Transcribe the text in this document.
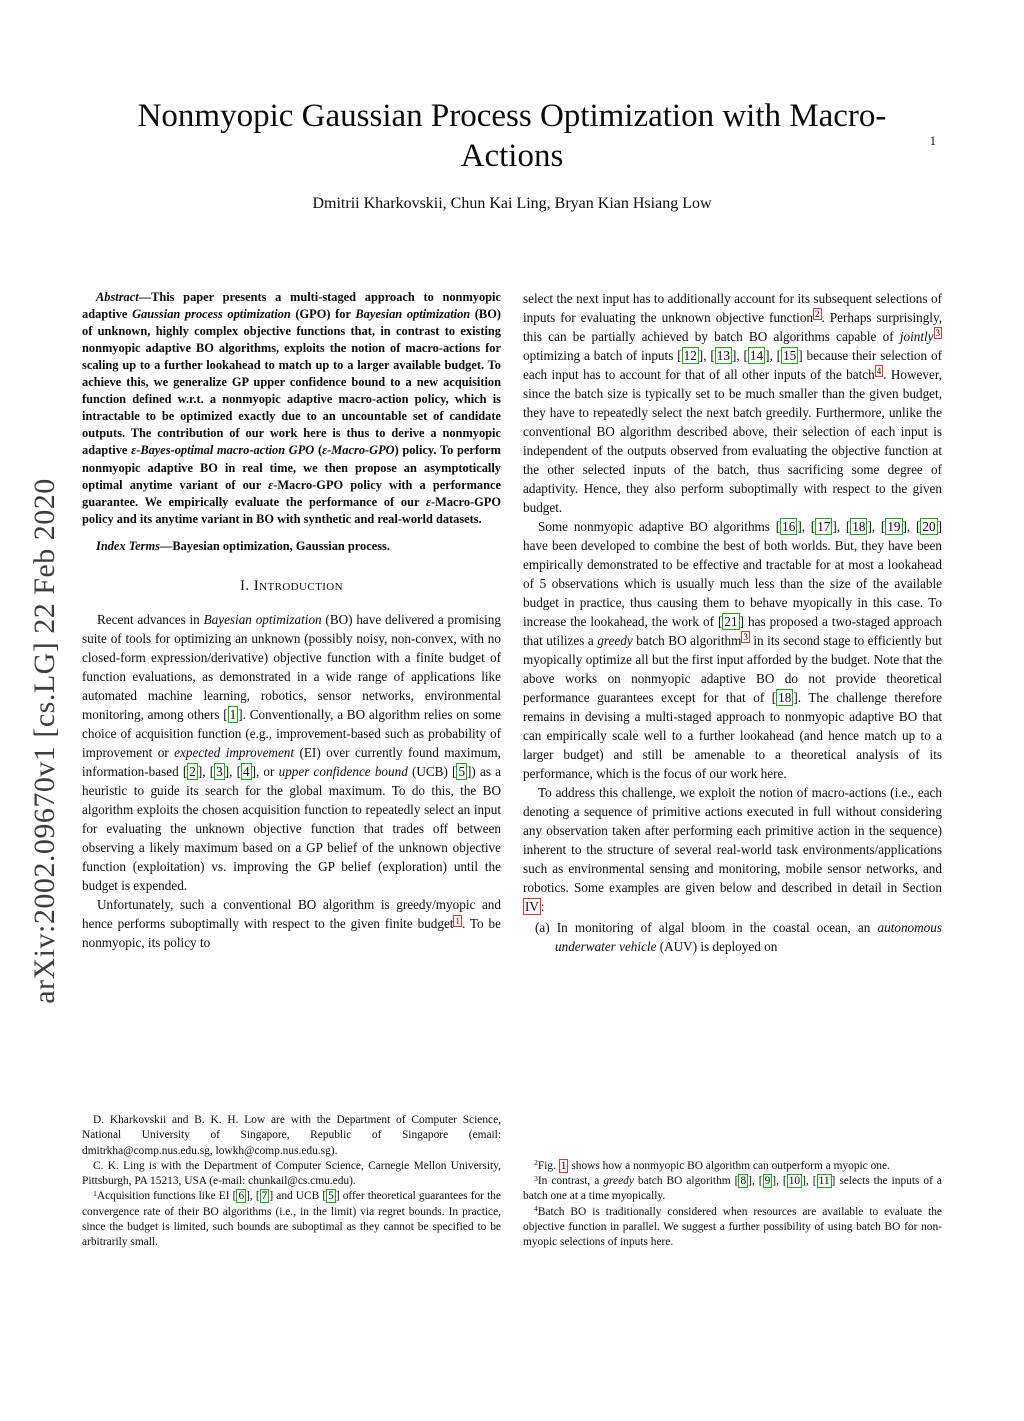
1
arXiv:2002.09670v1 [cs.LG] 22 Feb 2020
Nonmyopic Gaussian Process Optimization with Macro-Actions
Dmitrii Kharkovskii, Chun Kai Ling, Bryan Kian Hsiang Low

Abstract—This paper presents a multi-staged approach to nonmyopic adaptive Gaussian process optimization (GPO) for Bayesian optimization (BO) of unknown, highly complex objective functions that, in contrast to existing nonmyopic adaptive BO algorithms, exploits the notion of macro-actions for scaling up to a further lookahead to match up to a larger available budget. To achieve this, we generalize GP upper confidence bound to a new acquisition function defined w.r.t. a nonmyopic adaptive macro-action policy, which is intractable to be optimized exactly due to an uncountable set of candidate outputs. The contribution of our work here is thus to derive a nonmyopic adaptive ε-Bayes-optimal macro-action GPO (ε-Macro-GPO) policy. To perform nonmyopic adaptive BO in real time, we then propose an asymptotically optimal anytime variant of our ε-Macro-GPO policy with a performance guarantee. We empirically evaluate the performance of our ε-Macro-GPO policy and its anytime variant in BO with synthetic and real-world datasets.

Index Terms—Bayesian optimization, Gaussian process.

I. Introduction

Recent advances in Bayesian optimization (BO) have delivered a promising suite of tools for optimizing an unknown (possibly noisy, non-convex, with no closed-form expression/derivative) objective function with a finite budget of function evaluations, as demonstrated in a wide range of applications like automated machine learning, robotics, sensor networks, environmental monitoring, among others [ 1 ]. Conventionally, a BO algorithm relies on some choice of acquisition function (e.g., improvement-based such as probability of improvement or expected improvement (EI) over currently found maximum, information-based [ 2 ], [ 3 ], [ 4 ], or upper confidence bound (UCB) [ 5 ]) as a heuristic to guide its search for the global maximum. To do this, the BO algorithm exploits the chosen acquisition function to repeatedly select an input for evaluating the unknown objective function that trades off between observing a likely maximum based on a GP belief of the unknown objective function (exploitation) vs. improving the GP belief (exploration) until the budget is expended.

Unfortunately, such a conventional BO algorithm is greedy/myopic and hence performs suboptimally with respect to the given finite budget $^1$ . To be nonmyopic, its policy to

D. Kharkovskii and B. K. H. Low are with the Department of Computer Science, National University of Singapore, Republic of Singapore (email: dmitrkha@comp.nus.edu.sg, lowkh@comp.nus.edu.sg).

C. K. Ling is with the Department of Computer Science, Carnegie Mellon University, Pittsburgh, PA 15213, USA (e-mail: chunkail@cs.cmu.edu).

$^1$Acquisition functions like EI [ 6 ], [ 7 ] and UCB [ 5 ] offer theoretical guarantees for the convergence rate of their BO algorithms (i.e., in the limit) via regret bounds. In practice, since the budget is limited, such bounds are suboptimal as they cannot be specified to be arbitrarily small.

select the next input has to additionally account for its subsequent selections of inputs for evaluating the unknown objective function $^2$ . Perhaps surprisingly, this can be partially achieved by batch BO algorithms capable of jointly $^3$ optimizing a batch of inputs [ 12 ], [ 13 ], [ 14 ], [ 15 ] because their selection of each input has to account for that of all other inputs of the batch $^4$ . However, since the batch size is typically set to be much smaller than the given budget, they have to repeatedly select the next batch greedily. Furthermore, unlike the conventional BO algorithm described above, their selection of each input is independent of the outputs observed from evaluating the objective function at the other selected inputs of the batch, thus sacrificing some degree of adaptivity. Hence, they also perform suboptimally with respect to the given budget.

Some nonmyopic adaptive BO algorithms [ 16 ], [ 17 ], [ 18 ], [ 19 ], [ 20 ] have been developed to combine the best of both worlds. But, they have been empirically demonstrated to be effective and tractable for at most a lookahead of 5 observations which is usually much less than the size of the available budget in practice, thus causing them to behave myopically in this case. To increase the lookahead, the work of [ 21 ] has proposed a two-staged approach that utilizes a greedy batch BO algorithm $^3$ in its second stage to efficiently but myopically optimize all but the first input afforded by the budget. Note that the above works on nonmyopic adaptive BO do not provide theoretical performance guarantees except for that of [ 18 ]. The challenge therefore remains in devising a multi-staged approach to nonmyopic adaptive BO that can empirically scale well to a further lookahead (and hence match up to a larger budget) and still be amenable to a theoretical analysis of its performance, which is the focus of our work here.

To address this challenge, we exploit the notion of macro-actions (i.e., each denoting a sequence of primitive actions executed in full without considering any observation taken after performing each primitive action in the sequence) inherent to the structure of several real-world task environments/applications such as environmental sensing and monitoring, mobile sensor networks, and robotics. Some examples are given below and described in detail in Section IV :

(a) In monitoring of algal bloom in the coastal ocean, an autonomous underwater vehicle (AUV) is deployed on

$^2$Fig. 1 shows how a nonmyopic BO algorithm can outperform a myopic one.

$^3$In contrast, a greedy batch BO algorithm [ 8 ], [ 9 ], [ 10 ], [ 11 ] selects the inputs of a batch one at a time myopically.

$^4$Batch BO is traditionally considered when resources are available to evaluate the objective function in parallel. We suggest a further possibility of using batch BO for non-myopic selections of inputs here.
